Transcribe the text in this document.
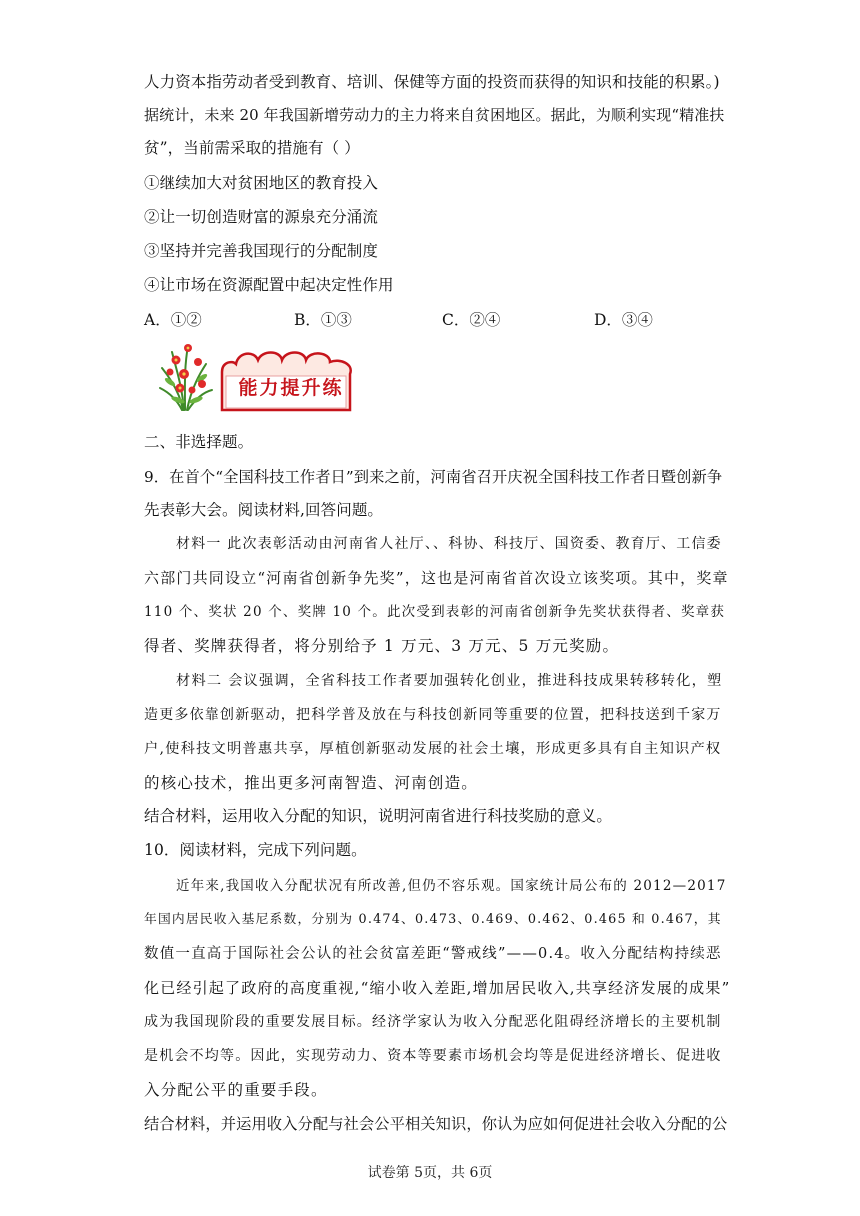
人力资本指劳动者受到教育、培训、保健等方面的投资而获得的知识和技能的积累。)
据统计，未来 20 年我国新增劳动力的主力将来自贫困地区。据此，为顺利实现“精准扶
贫”，当前需采取的措施有（ ）
①继续加大对贫困地区的教育投入
②让一切创造财富的源泉充分涌流
③坚持并完善我国现行的分配制度
④让市场在资源配置中起决定性作用
A．①②	B．①③	C．②④	D．③④
能力提升练
二、非选择题。
9．在首个“全国科技工作者日”到来之前，河南省召开庆祝全国科技工作者日暨创新争
先表彰大会。阅读材料,回答问题。
材料一 此次表彰活动由河南省人社厅、、科协、科技厅、国资委、教育厅、工信委
六部门共同设立“河南省创新争先奖”，这也是河南省首次设立该奖项。其中，奖章
110 个、奖状 20 个、奖牌 10 个。此次受到表彰的河南省创新争先奖状获得者、奖章获
得者、奖牌获得者，将分别给予 1 万元、3 万元、5 万元奖励。
材料二 会议强调，全省科技工作者要加强转化创业，推进科技成果转移转化，塑
造更多依靠创新驱动，把科学普及放在与科技创新同等重要的位置，把科技送到千家万
户,使科技文明普惠共享，厚植创新驱动发展的社会土壤，形成更多具有自主知识产权
的核心技术，推出更多河南智造、河南创造。
结合材料，运用收入分配的知识，说明河南省进行科技奖励的意义。
10．阅读材料，完成下列问题。
近年来,我国收入分配状况有所改善,但仍不容乐观。国家统计局公布的 2012—2017
年国内居民收入基尼系数，分别为 0.474、0.473、0.469、0.462、0.465 和 0.467，其
数值一直高于国际社会公认的社会贫富差距“警戒线”——0.4。收入分配结构持续恶
化已经引起了政府的高度重视,“缩小收入差距,增加居民收入,共享经济发展的成果”
成为我国现阶段的重要发展目标。经济学家认为收入分配恶化阻碍经济增长的主要机制
是机会不均等。因此，实现劳动力、资本等要素市场机会均等是促进经济增长、促进收
入分配公平的重要手段。
结合材料，并运用收入分配与社会公平相关知识，你认为应如何促进社会收入分配的公
试卷第 5页，共 6页
